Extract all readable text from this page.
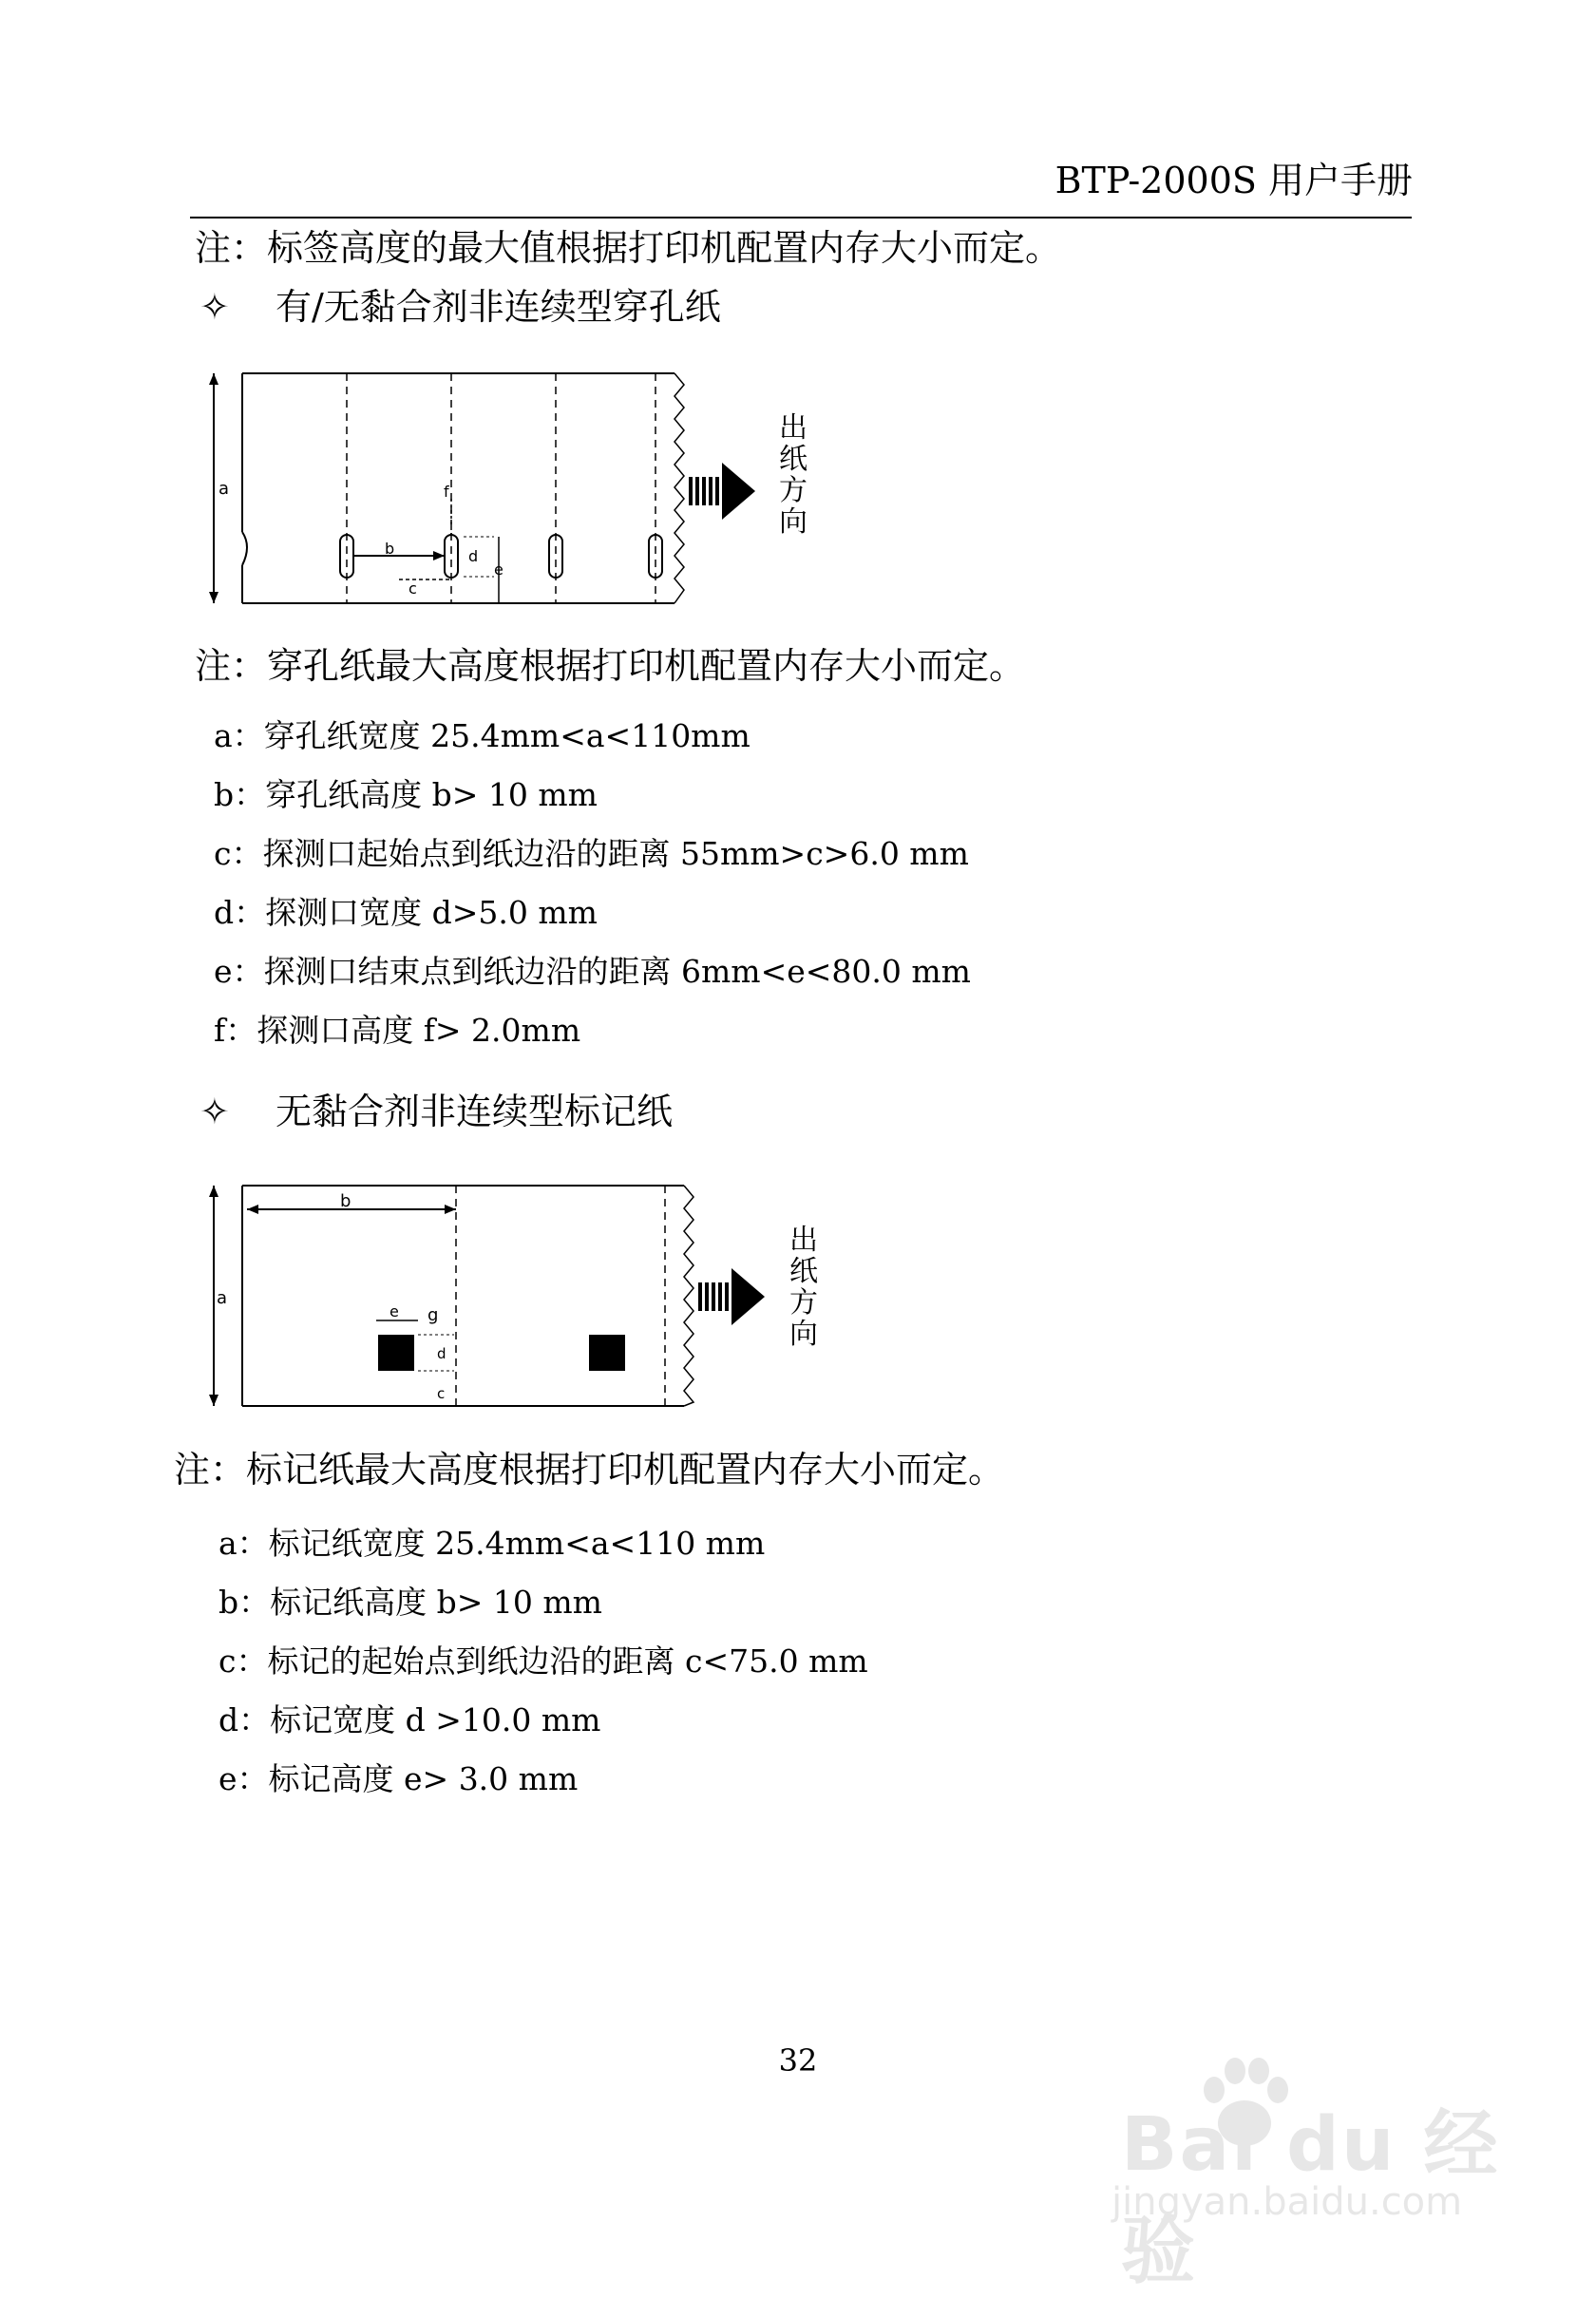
BTP-2000S 用户手册
注：标签高度的最大值根据打印机配置内存大小而定。
✧ 有/无黏合剂非连续型穿孔纸
a
b
c
f
d
e
出
纸
方
向
注：穿孔纸最大高度根据打印机配置内存大小而定。
a：穿孔纸宽度 25.4mm<a<110mm
b：穿孔纸高度 b> 10 mm
c：探测口起始点到纸边沿的距离 55mm>c>6.0 mm
d：探测口宽度 d>5.0 mm
e：探测口结束点到纸边沿的距离 6mm<e<80.0 mm
f：探测口高度 f> 2.0mm
✧ 无黏合剂非连续型标记纸
a
b
e g
d
c
出
纸
方
向
注：标记纸最大高度根据打印机配置内存大小而定。
a：标记纸宽度 25.4mm<a<110 mm
b：标记纸高度 b> 10 mm
c：标记的起始点到纸边沿的距离 c<75.0 mm
d：标记宽度 d >10.0 mm
e：标记高度 e> 3.0 mm
32
Bai du 经验
jingyan.baidu.com
